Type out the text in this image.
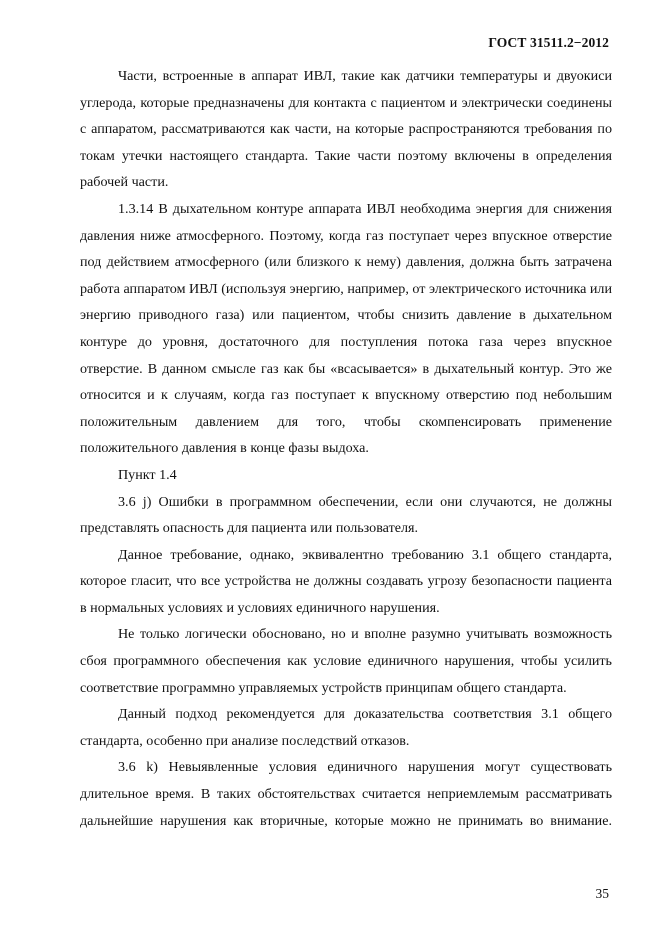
ГОСТ 31511.2−2012

Части, встроенные в аппарат ИВЛ, такие как датчики температуры и двуокиси углерода, которые предназначены для контакта с пациентом и электрически соединены с аппаратом, рассматриваются как части, на которые распространяются требования по токам утечки настоящего стандарта. Такие части поэтому включены в определения рабочей части.

1.3.14 В дыхательном контуре аппарата ИВЛ необходима энергия для снижения давления ниже атмосферного. Поэтому, когда газ поступает через впускное отверстие под действием атмосферного (или близкого к нему) давления, должна быть затрачена работа аппаратом ИВЛ (используя энергию, например, от электрического источника или энергию приводного газа) или пациентом, чтобы снизить давление в дыхательном контуре до уровня, достаточного для поступления потока газа через впускное отверстие. В данном смысле газ как бы «всасывается» в дыхательный контур. Это же относится и к случаям, когда газ поступает к впускному отверстию под небольшим положительным давлением для того, чтобы скомпенсировать применение положительного давления в конце фазы выдоха.

Пункт 1.4

3.6 j) Ошибки в программном обеспечении, если они случаются, не должны представлять опасность для пациента или пользователя.

Данное требование, однако, эквивалентно требованию 3.1 общего стандарта, которое гласит, что все устройства не должны создавать угрозу безопасности пациента в нормальных условиях и условиях единичного нарушения.

Не только логически обосновано, но и вполне разумно учитывать возможность сбоя программного обеспечения как условие единичного нарушения, чтобы усилить соответствие программно управляемых устройств принципам общего стандарта.

Данный подход рекомендуется для доказательства соответствия 3.1 общего стандарта, особенно при анализе последствий отказов.

3.6 k) Невыявленные условия единичного нарушения могут существовать длительное время. В таких обстоятельствах считается неприемлемым рассматривать дальнейшие нарушения как вторичные, которые можно не принимать во внимание.

35
